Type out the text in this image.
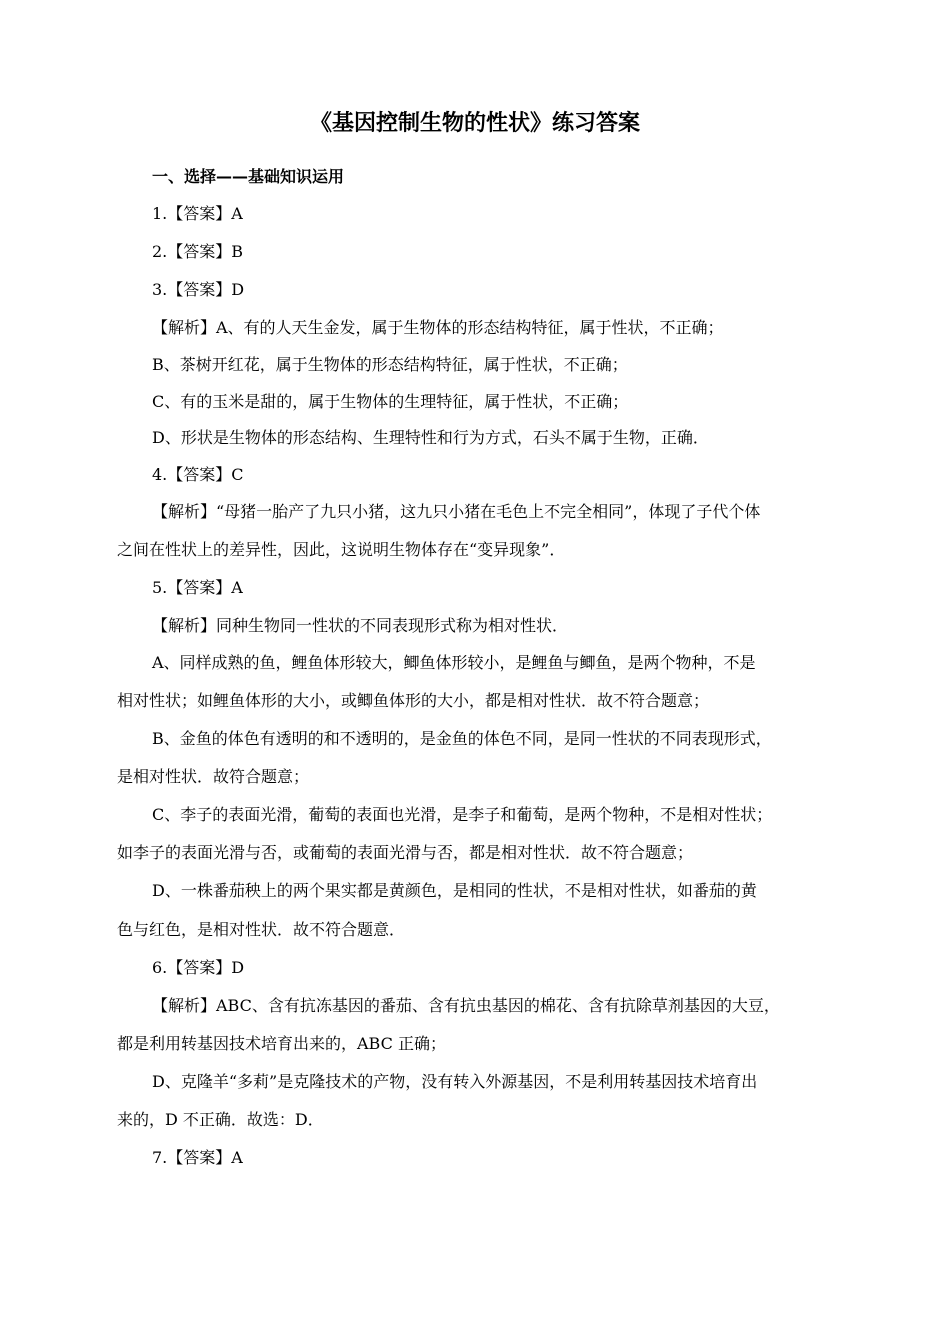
《基因控制生物的性状》练习答案
一、选择——基础知识运用

1.【答案】A

2.【答案】B

3.【答案】D

【解析】A、有的人天生金发，属于生物体的形态结构特征，属于性状，不正确；

B、茶树开红花，属于生物体的形态结构特征，属于性状，不正确；

C、有的玉米是甜的，属于生物体的生理特征，属于性状，不正确；

D、形状是生物体的形态结构、生理特性和行为方式，石头不属于生物，正确．

4.【答案】C

【解析】“母猪一胎产了九只小猪，这九只小猪在毛色上不完全相同”，体现了子代个体

之间在性状上的差异性，因此，这说明生物体存在“变异现象”．

5.【答案】A

【解析】同种生物同一性状的不同表现形式称为相对性状．

A、同样成熟的鱼，鲤鱼体形较大，鲫鱼体形较小，是鲤鱼与鲫鱼，是两个物种，不是

相对性状；如鲤鱼体形的大小，或鲫鱼体形的大小，都是相对性状．故不符合题意；

B、金鱼的体色有透明的和不透明的，是金鱼的体色不同，是同一性状的不同表现形式，

是相对性状．故符合题意；

C、李子的表面光滑，葡萄的表面也光滑，是李子和葡萄，是两个物种，不是相对性状；

如李子的表面光滑与否，或葡萄的表面光滑与否，都是相对性状．故不符合题意；

D、一株番茄秧上的两个果实都是黄颜色，是相同的性状，不是相对性状，如番茄的黄

色与红色，是相对性状．故不符合题意．

6.【答案】D

【解析】ABC、含有抗冻基因的番茄、含有抗虫基因的棉花、含有抗除草剂基因的大豆，

都是利用转基因技术培育出来的，ABC 正确；

D、克隆羊“多莉”是克隆技术的产物，没有转入外源基因，不是利用转基因技术培育出

来的，D 不正确．故选：D．

7.【答案】A
